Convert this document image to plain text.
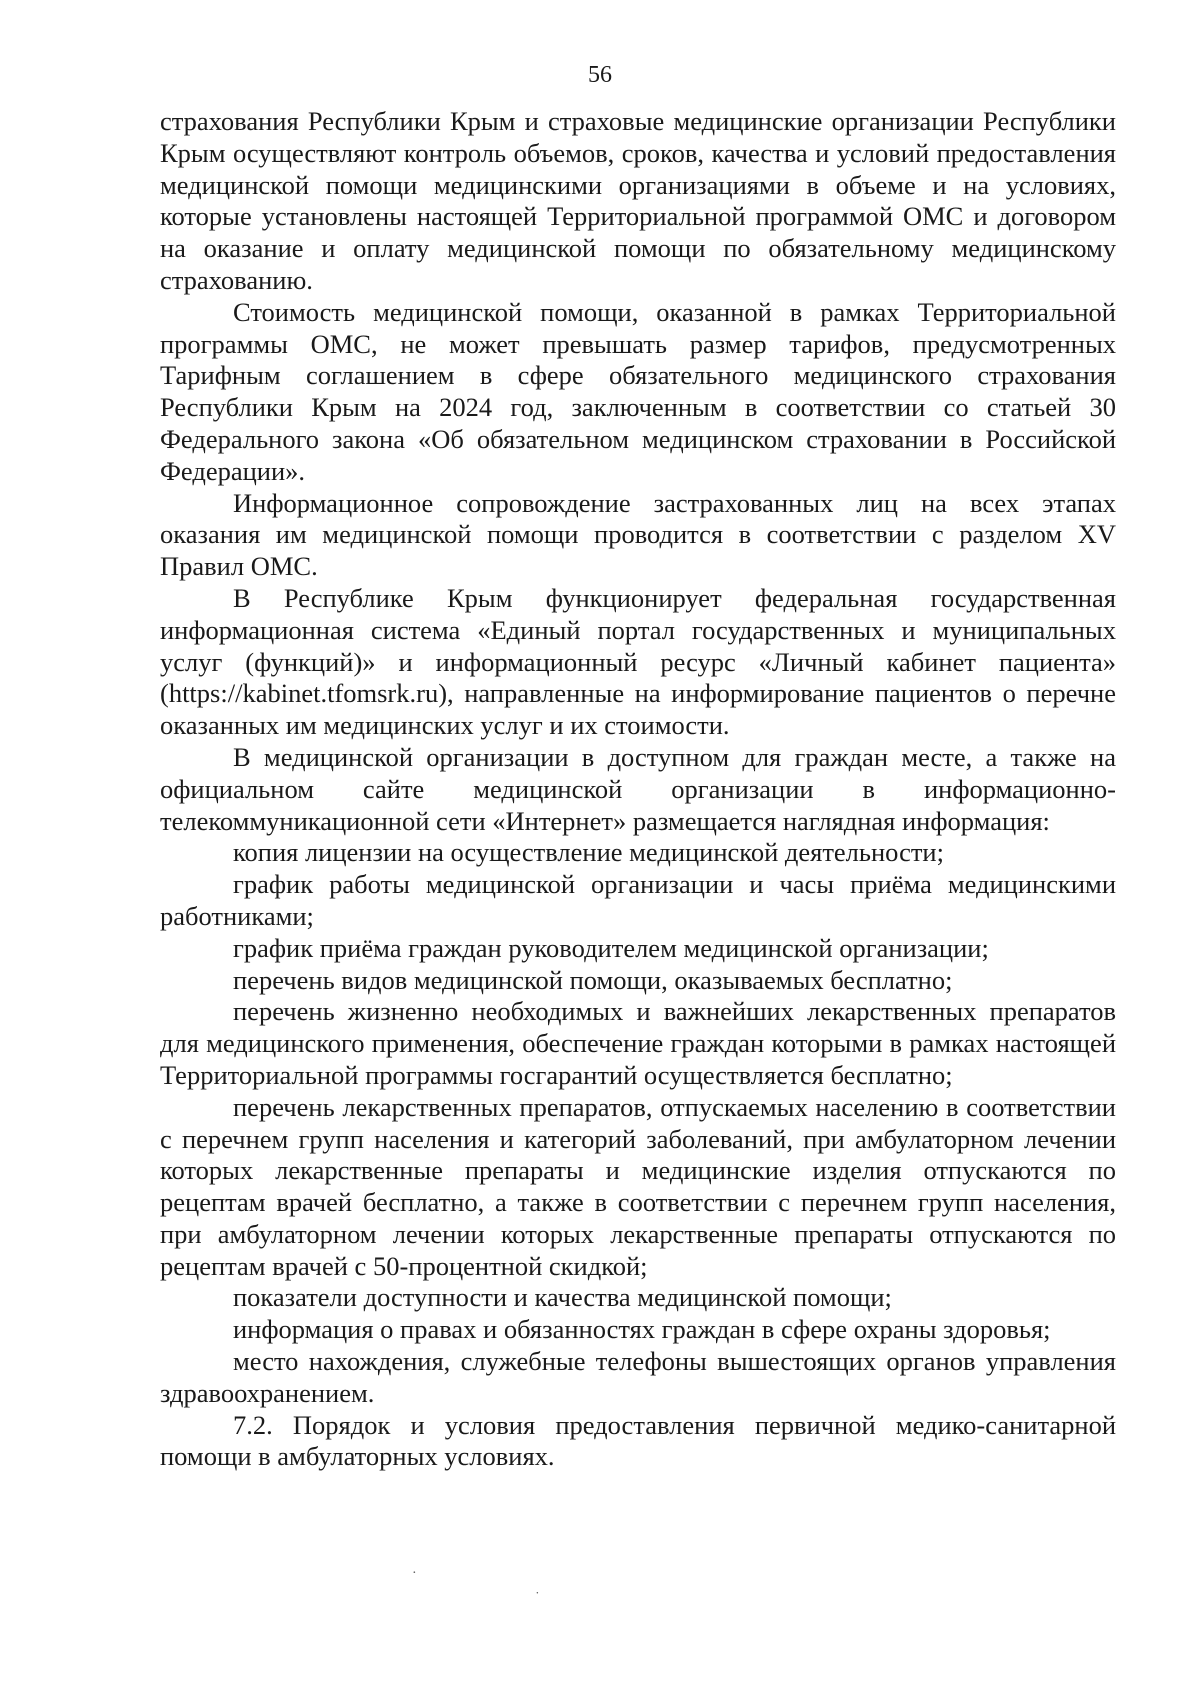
56

страхования Республики Крым и страховые медицинские организации Республики Крым осуществляют контроль объемов, сроков, качества и условий предоставления медицинской помощи медицинскими организациями в объеме и на условиях, которые установлены настоящей Территориальной программой ОМС и договором на оказание и оплату медицинской помощи по обязательному медицинскому страхованию.

Стоимость медицинской помощи, оказанной в рамках Территориальной программы ОМС, не может превышать размер тарифов, предусмотренных Тарифным соглашением в сфере обязательного медицинского страхования Республики Крым на 2024 год, заключенным в соответствии со статьей 30 Федерального закона «Об обязательном медицинском страховании в Российской Федерации».

Информационное сопровождение застрахованных лиц на всех этапах оказания им медицинской помощи проводится в соответствии с разделом XV Правил ОМС.

В Республике Крым функционирует федеральная государственная информационная система «Единый портал государственных и муниципальных услуг (функций)» и информационный ресурс «Личный кабинет пациента» (https://kabinet.tfomsrk.ru), направленные на информирование пациентов о перечне оказанных им медицинских услуг и их стоимости.

В медицинской организации в доступном для граждан месте, а также на официальном сайте медицинской организации в информационно-телекоммуникационной сети «Интернет» размещается наглядная информация:

копия лицензии на осуществление медицинской деятельности;

график работы медицинской организации и часы приёма медицинскими работниками;

график приёма граждан руководителем медицинской организации;

перечень видов медицинской помощи, оказываемых бесплатно;

перечень жизненно необходимых и важнейших лекарственных препаратов для медицинского применения, обеспечение граждан которыми в рамках настоящей Территориальной программы госгарантий осуществляется бесплатно;

перечень лекарственных препаратов, отпускаемых населению в соответствии с перечнем групп населения и категорий заболеваний, при амбулаторном лечении которых лекарственные препараты и медицинские изделия отпускаются по рецептам врачей бесплатно, а также в соответствии с перечнем групп населения, при амбулаторном лечении которых лекарственные препараты отпускаются по рецептам врачей с 50-процентной скидкой;

показатели доступности и качества медицинской помощи;

информация о правах и обязанностях граждан в сфере охраны здоровья;

место нахождения, служебные телефоны вышестоящих органов управления здравоохранением.

7.2. Порядок и условия предоставления первичной медико-санитарной помощи в амбулаторных условиях.

·
˙
